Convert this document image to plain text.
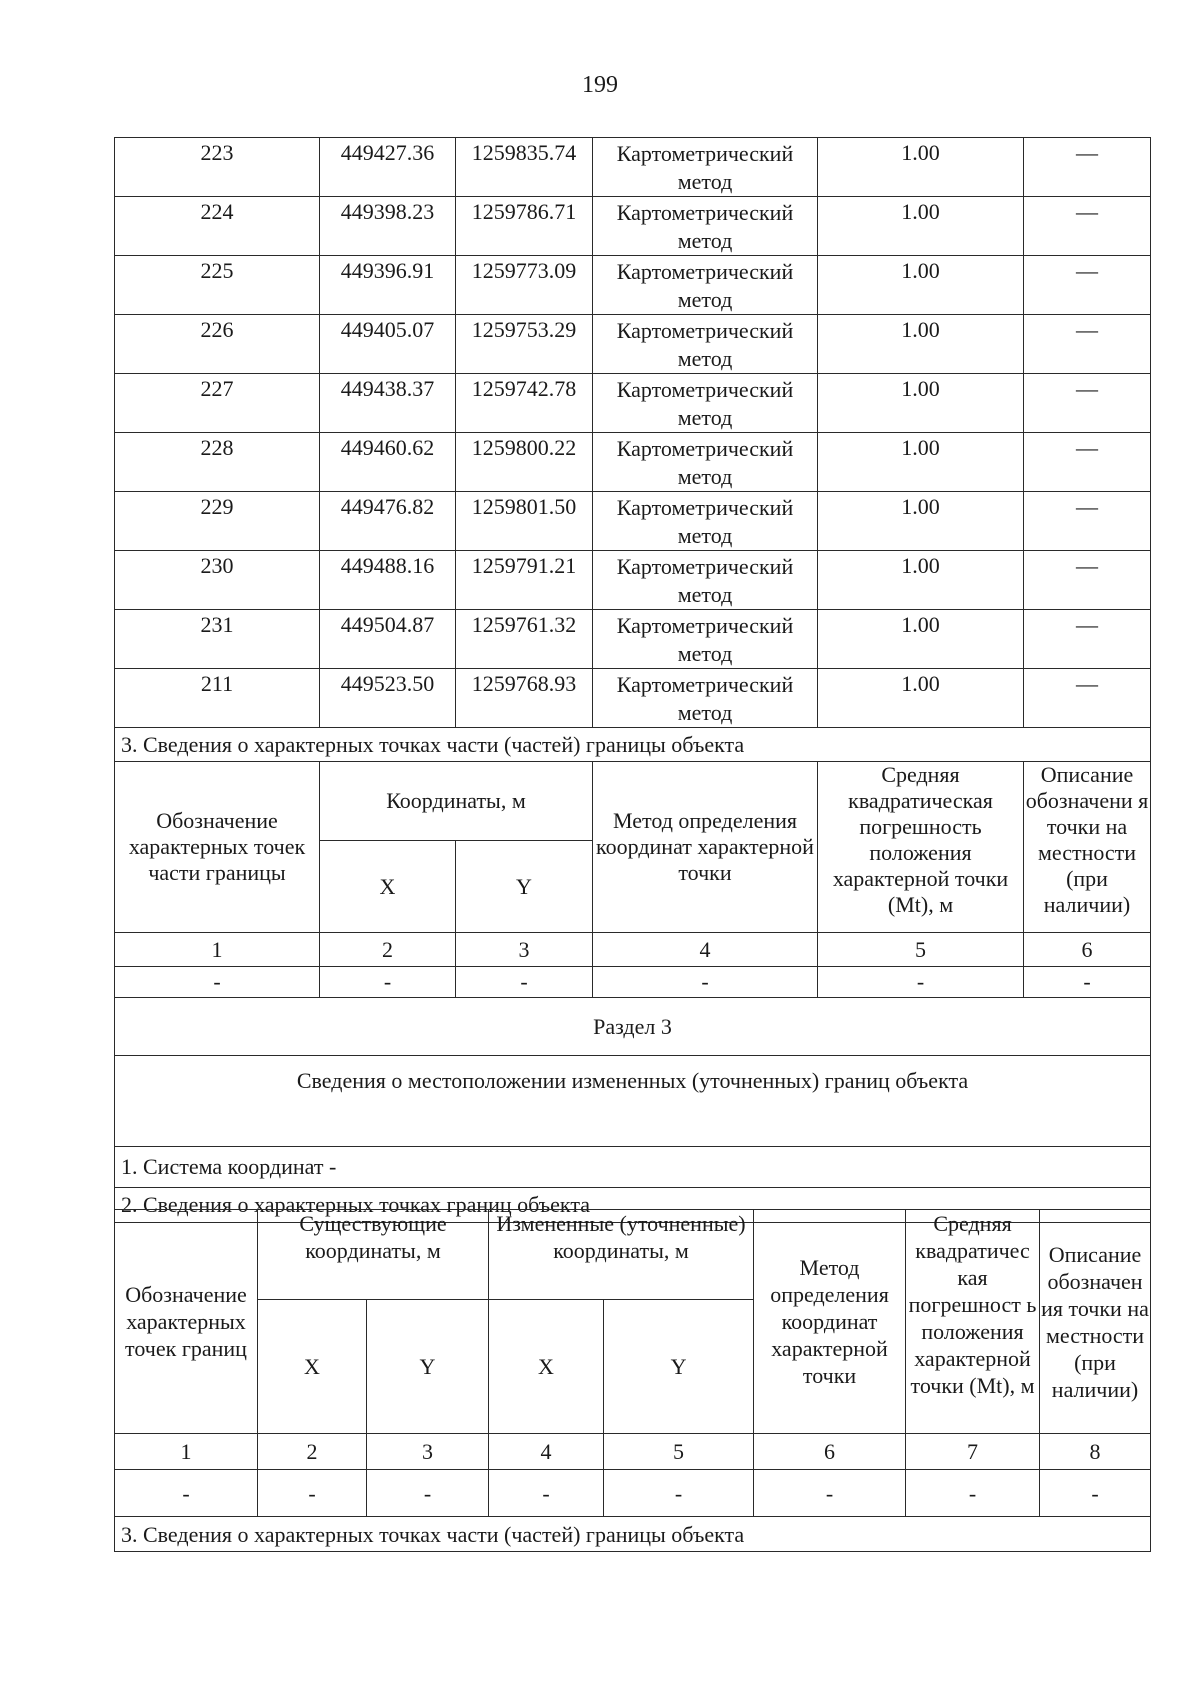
199
223	449427.36	1259835.74	Картометрический метод	1.00	—
224	449398.23	1259786.71	Картометрический метод	1.00	—
225	449396.91	1259773.09	Картометрический метод	1.00	—
226	449405.07	1259753.29	Картометрический метод	1.00	—
227	449438.37	1259742.78	Картометрический метод	1.00	—
228	449460.62	1259800.22	Картометрический метод	1.00	—
229	449476.82	1259801.50	Картометрический метод	1.00	—
230	449488.16	1259791.21	Картометрический метод	1.00	—
231	449504.87	1259761.32	Картометрический метод	1.00	—
211	449523.50	1259768.93	Картометрический метод	1.00	—
3. Сведения о характерных точках части (частей) границы объекта					
Обозначение характерных точек части границы	Координаты, м		Метод определения координат характерной точки	Средняя квадратическая погрешность положения характерной точки (Mt), м	Описание обозначени я точки на местности (при наличии)
	X	Y			
1	2	3	4	5	6
-	-	-	-	-	-
Раздел 3					
Сведения о местоположении измененных (уточненных) границ объекта					
1. Система координат -					
2. Сведения о характерных точках границ объекта					
Обозначение характерных точек границ	Существующие координаты, м		Измененные (уточненные) координаты, м		Метод определения координат характерной точки	Средняя квадратичес кая погрешност ь положения характерной точки (Mt), м	Описание обозначен ия точки на местности (при наличии)
	X	Y	X	Y			
1	2	3	4	5	6	7	8
-	-	-	-	-	-	-	-
3. Сведения о характерных точках части (частей) границы объекта							
